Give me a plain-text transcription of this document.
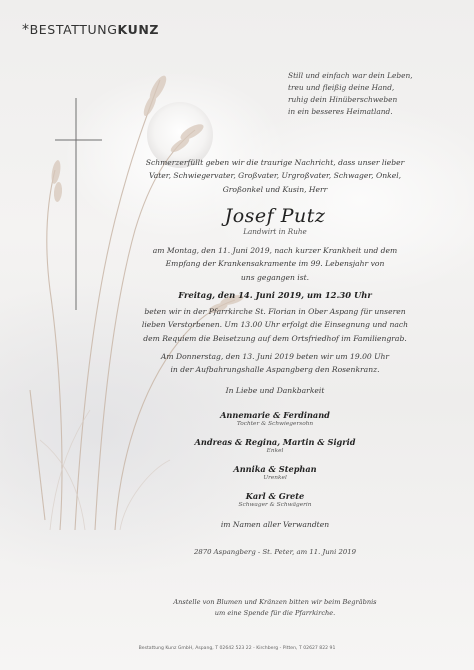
*BESTATTUNGKUNZ
Still und einfach war dein Leben,
treu und fleißig deine Hand,
ruhig dein Hinüberschweben
in ein besseres Heimatland.
Schmerzerfüllt geben wir die traurige Nachricht, dass unser lieber
Vater, Schwiegervater, Großvater, Urgroßvater, Schwager, Onkel,
Großonkel und Kusin, Herr
Josef Putz
Landwirt in Ruhe
am Montag, den 11. Juni 2019, nach kurzer Krankheit und dem
Empfang der Krankensakramente im 99. Lebensjahr von
uns gegangen ist.
Freitag, den 14. Juni 2019, um 12.30 Uhr
beten wir in der Pfarrkirche St. Florian in Ober Aspang für unseren
lieben Verstorbenen. Um 13.00 Uhr erfolgt die Einsegnung und nach
dem Requiem die Beisetzung auf dem Ortsfriedhof im Familiengrab.
Am Donnerstag, den 13. Juni 2019 beten wir um 19.00 Uhr
in der Aufbahrungshalle Aspangberg den Rosenkranz.
In Liebe und Dankbarkeit
Annemarie & Ferdinand
Tochter & Schwiegersohn
Andreas & Regina, Martin & Sigrid
Enkel
Annika & Stephan
Urenkel
Karl & Grete
Schwager & Schwägerin
im Namen aller Verwandten
2870 Aspangberg - St. Peter, am 11. Juni 2019
Anstelle von Blumen und Kränzen bitten wir beim Begräbnis
um eine Spende für die Pfarrkirche.
Bestattung Kunz GmbH, Aspang, T 02642 523 22 - Kirchberg - Pitten, T 02627 822 91
